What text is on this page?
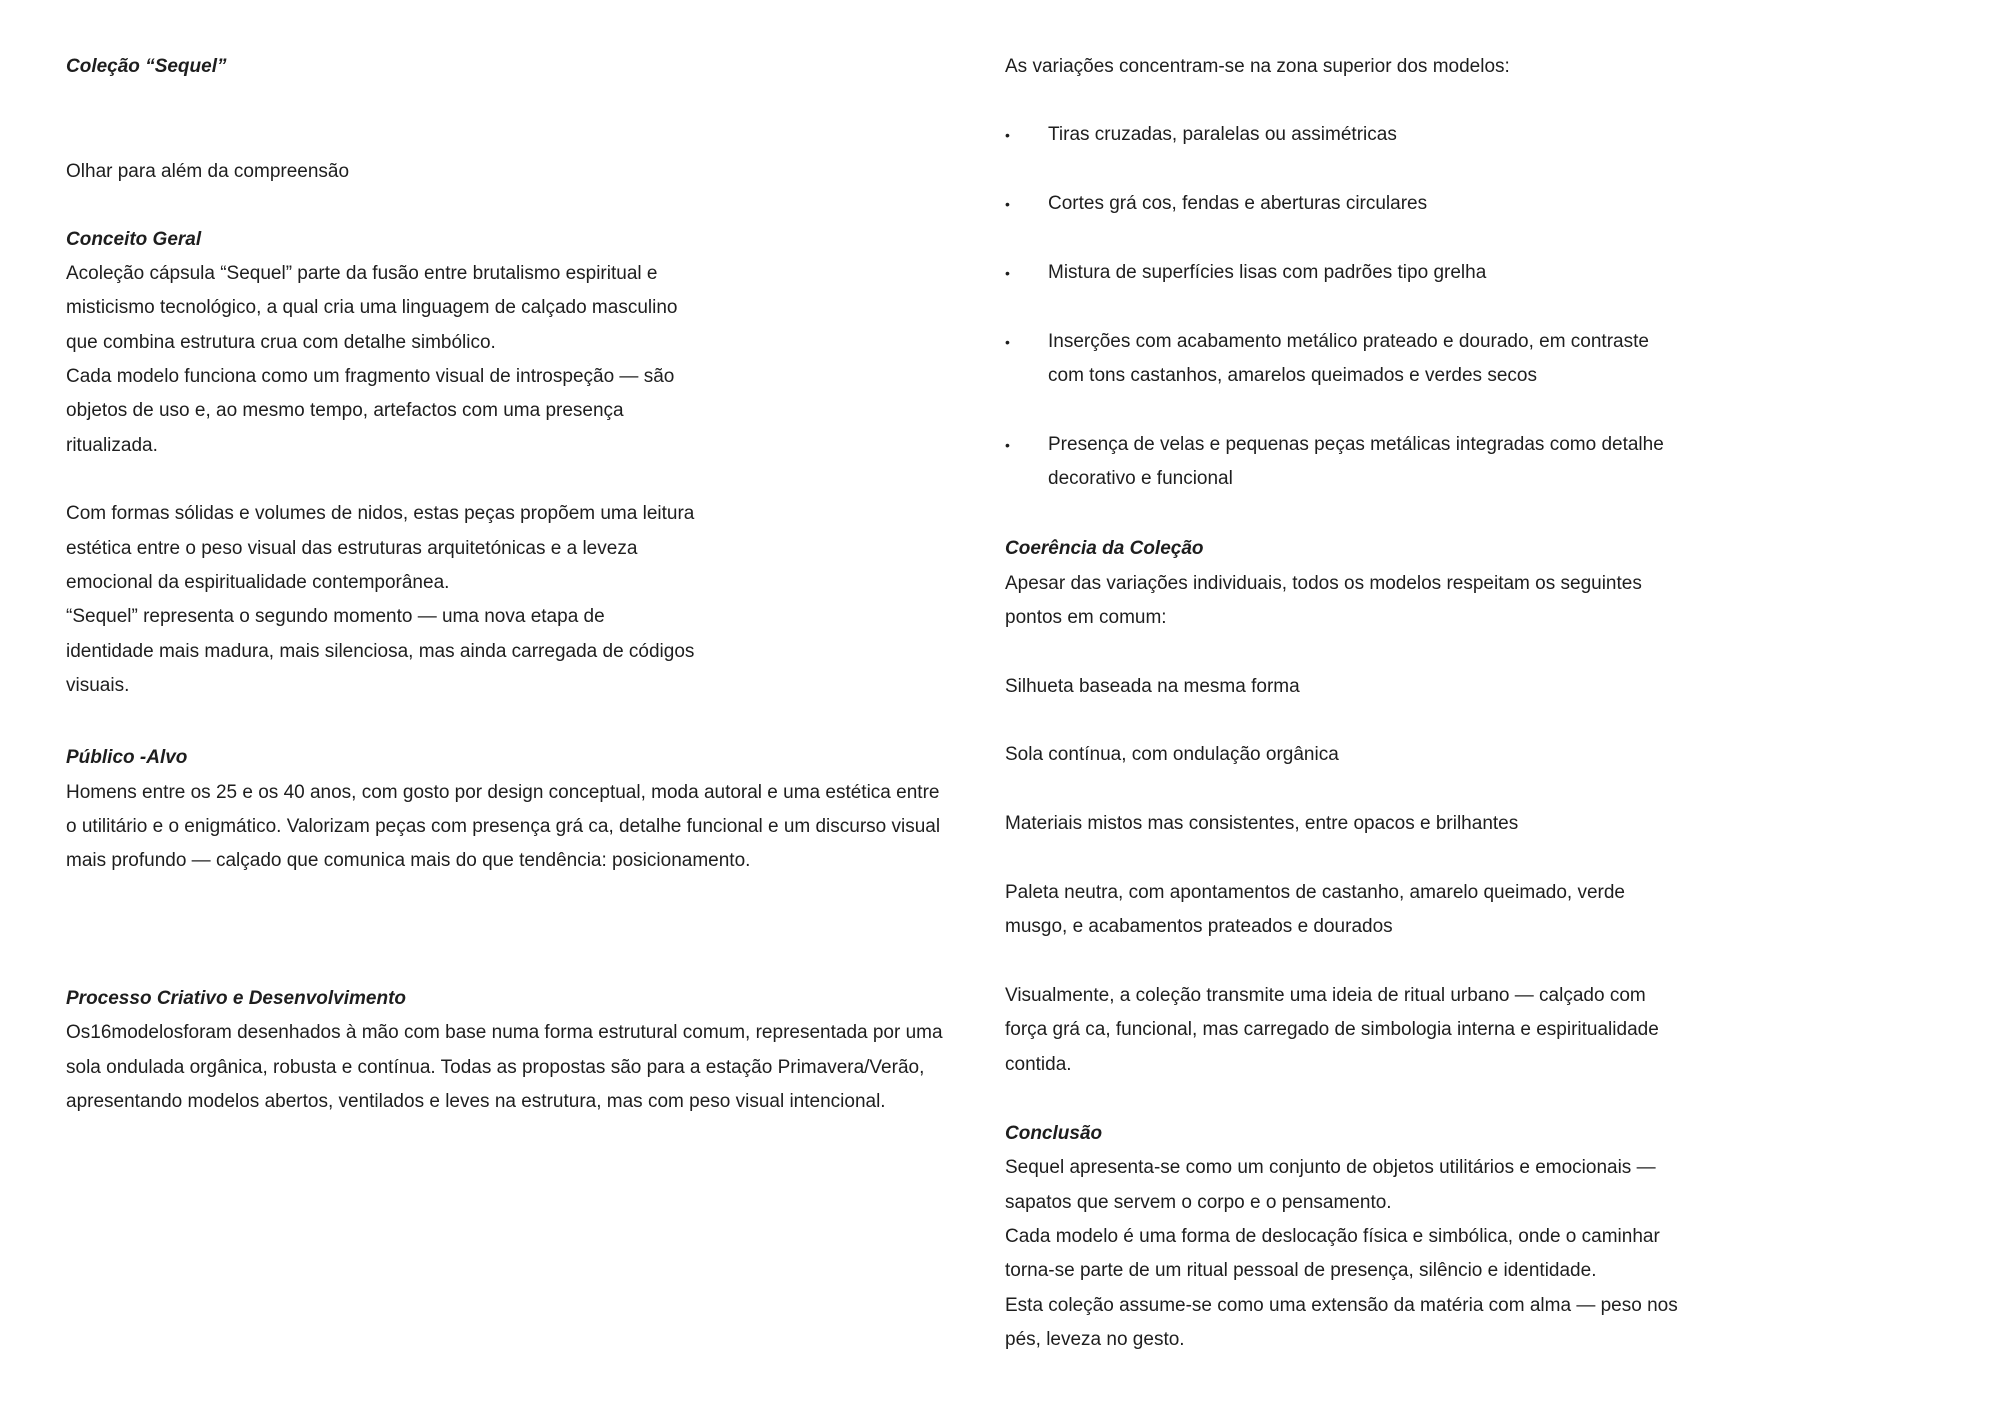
Coleção “Sequel”

Olhar para além da compreensão

Conceito Geral

Acoleção cápsula “Sequel” parte da fusão entre brutalismo espiritual e

misticismo tecnológico, a qual cria uma linguagem de calçado masculino

que combina estrutura crua com detalhe simbólico.

Cada modelo funciona como um fragmento visual de introspeção — são

objetos de uso e, ao mesmo tempo, artefactos com uma presença

ritualizada.

Com formas sólidas e volumes de nidos, estas peças propõem uma leitura

estética entre o peso visual das estruturas arquitetónicas e a leveza

emocional da espiritualidade contemporânea.

“Sequel” representa o segundo momento — uma nova etapa de

identidade mais madura, mais silenciosa, mas ainda carregada de códigos

visuais.

Público -Alvo

Homens entre os 25 e os 40 anos, com gosto por design conceptual, moda autoral e uma estética entre

o utilitário e o enigmático. Valorizam peças com presença grá ca, detalhe funcional e um discurso visual

mais profundo — calçado que comunica mais do que tendência: posicionamento.

Processo Criativo e Desenvolvimento

Os16modelosforam desenhados à mão com base numa forma estrutural comum, representada por uma

sola ondulada orgânica, robusta e contínua. Todas as propostas são para a estação Primavera/Verão,

apresentando modelos abertos, ventilados e leves na estrutura, mas com peso visual intencional.

As variações concentram-se na zona superior dos modelos:

• Tiras cruzadas, paralelas ou assimétricas

• Cortes grá cos, fendas e aberturas circulares

• Mistura de superfícies lisas com padrões tipo grelha

• Inserções com acabamento metálico prateado e dourado, em contraste

com tons castanhos, amarelos queimados e verdes secos

• Presença de velas e pequenas peças metálicas integradas como detalhe

decorativo e funcional

Coerência da Coleção

Apesar das variações individuais, todos os modelos respeitam os seguintes

pontos em comum:

Silhueta baseada na mesma forma

Sola contínua, com ondulação orgânica

Materiais mistos mas consistentes, entre opacos e brilhantes

Paleta neutra, com apontamentos de castanho, amarelo queimado, verde

musgo, e acabamentos prateados e dourados

Visualmente, a coleção transmite uma ideia de ritual urbano — calçado com

força grá ca, funcional, mas carregado de simbologia interna e espiritualidade

contida.

Conclusão

Sequel apresenta-se como um conjunto de objetos utilitários e emocionais —

sapatos que servem o corpo e o pensamento.

Cada modelo é uma forma de deslocação física e simbólica, onde o caminhar

torna-se parte de um ritual pessoal de presença, silêncio e identidade.

Esta coleção assume-se como uma extensão da matéria com alma — peso nos

pés, leveza no gesto.
